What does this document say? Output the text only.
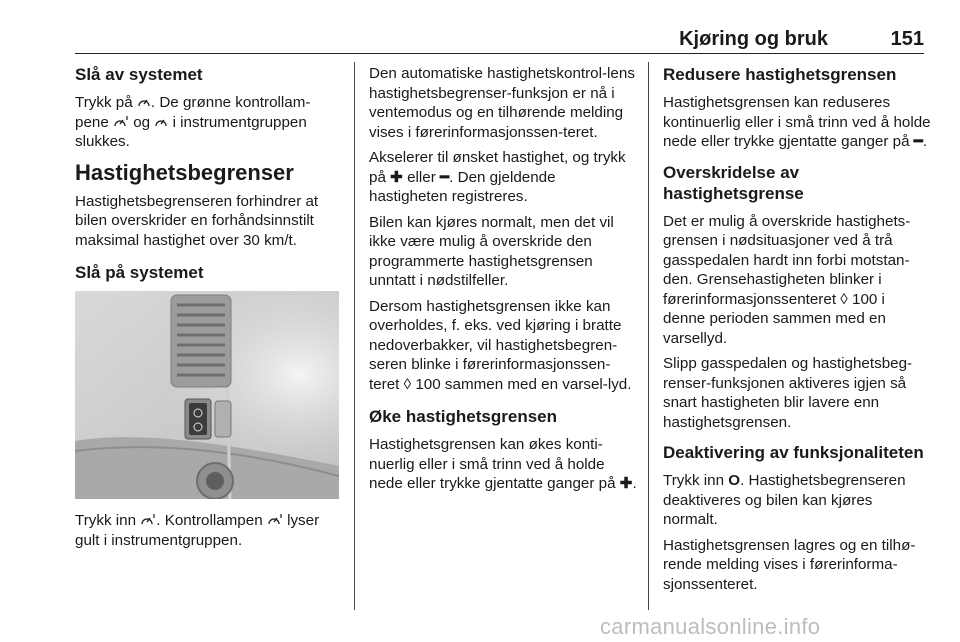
Kjøring og bruk	151
Slå av systemet

Trykk på . De grønne kontrollam-pene  og  i instrumentgruppen slukkes.

Hastighetsbegrenser

Hastighetsbegrenseren forhindrer at bilen overskrider en forhåndsinnstilt maksimal hastighet over 30 km/t.

Slå på systemet

Trykk inn . Kontrollampen  lyser gult i instrumentgruppen.

Den automatiske hastighetskontrol-lens hastighetsbegrenser-funksjon er nå i ventemodus og en tilhørende melding vises i førerinformasjonssen-teret.

Akselerer til ønsket hastighet, og trykk på ✚ eller ━. Den gjeldende hastigheten registreres.

Bilen kan kjøres normalt, men det vil ikke være mulig å overskride den programmerte hastighetsgrensen unntatt i nødstilfeller.

Dersom hastighetsgrensen ikke kan overholdes, f. eks. ved kjøring i bratte nedoverbakker, vil hastighetsbegren-seren blinke i førerinformasjonssen-teret ◊ 100 sammen med en varsel-lyd.

Øke hastighetsgrensen

Hastighetsgrensen kan økes konti-nuerlig eller i små trinn ved å holde nede eller trykke gjentatte ganger på ✚.

Redusere hastighetsgrensen

Hastighetsgrensen kan reduseres kontinuerlig eller i små trinn ved å holde nede eller trykke gjentatte ganger på ━.

Overskridelse av hastighetsgrense

Det er mulig å overskride hastighets-grensen i nødsituasjoner ved å trå gasspedalen hardt inn forbi motstan-den. Grensehastigheten blinker i førerinformasjonssenteret ◊ 100 i denne perioden sammen med en varsellyd.

Slipp gasspedalen og hastighetsbeg-renser-funksjonen aktiveres igjen så snart hastigheten blir lavere enn hastighetsgrensen.

Deaktivering av funksjonaliteten

Trykk inn O. Hastighetsbegrenseren deaktiveres og bilen kan kjøres normalt.

Hastighetsgrensen lagres og en tilhø-rende melding vises i førerinforma-sjonssenteret.

carmanualsonline.info
